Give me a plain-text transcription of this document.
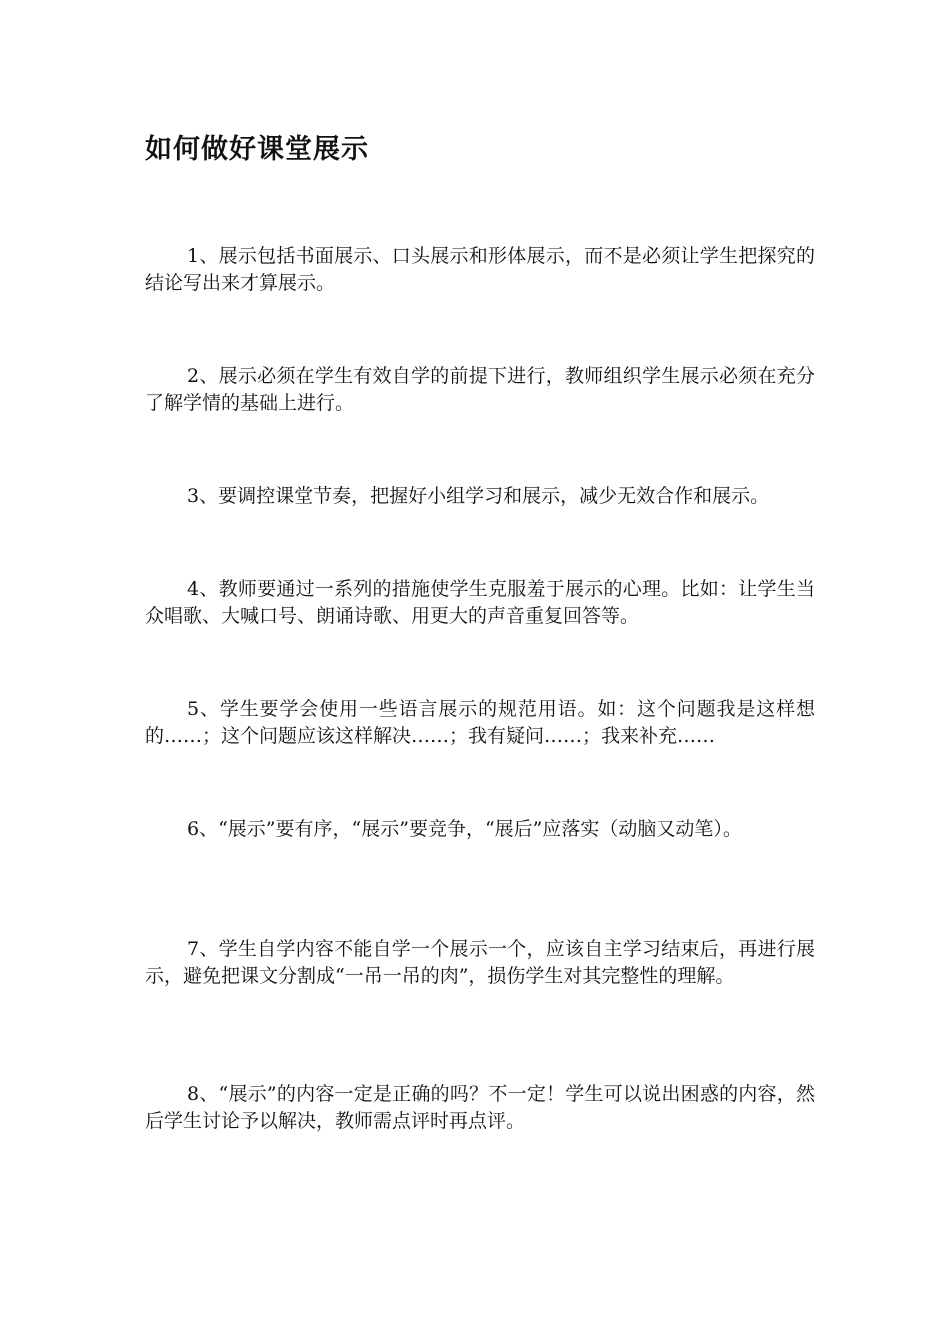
如何做好课堂展示

1、展示包括书面展示、口头展示和形体展示，而不是必须让学生把探究的结论写出来才算展示。

2、展示必须在学生有效自学的前提下进行，教师组织学生展示必须在充分了解学情的基础上进行。

3、要调控课堂节奏，把握好小组学习和展示，减少无效合作和展示。

4、教师要通过一系列的措施使学生克服羞于展示的心理。比如：让学生当众唱歌、大喊口号、朗诵诗歌、用更大的声音重复回答等。

5、学生要学会使用一些语言展示的规范用语。如：这个问题我是这样想的……；这个问题应该这样解决……；我有疑问……；我来补充……

6、“展示”要有序，“展示”要竞争，“展后”应落实（动脑又动笔）。

7、学生自学内容不能自学一个展示一个，应该自主学习结束后，再进行展示，避免把课文分割成“一吊一吊的肉”，损伤学生对其完整性的理解。

8、“展示”的内容一定是正确的吗？不一定！学生可以说出困惑的内容，然后学生讨论予以解决，教师需点评时再点评。
